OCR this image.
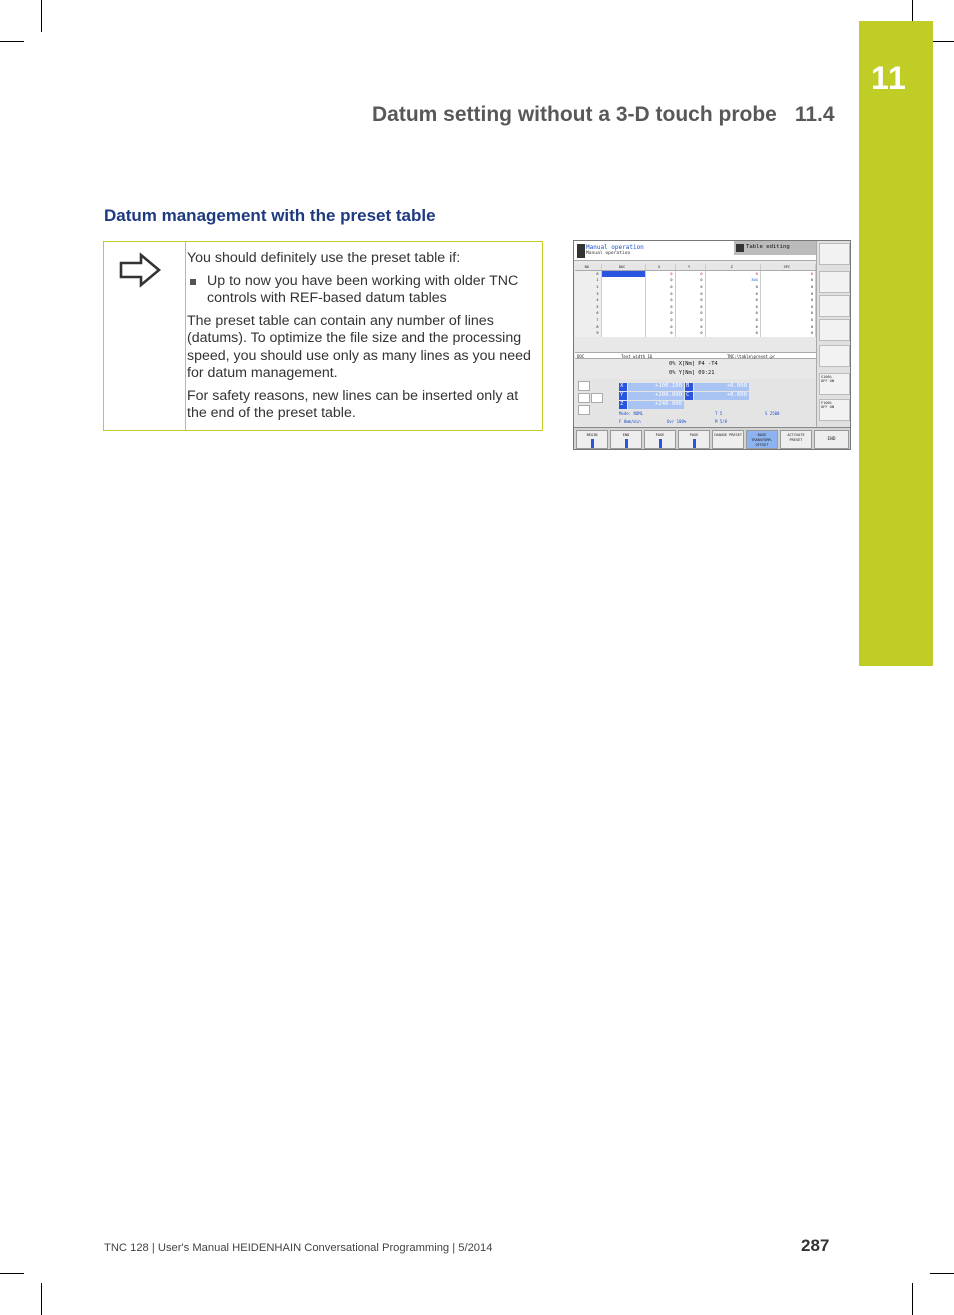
11
Datum setting without a 3-D touch probe 11.4
Datum management with the preset table

You should definitely use the preset table if:

Up to now you have been working with older TNC controls with REF-based datum tables

The preset table can contain any number of lines (datums). To optimize the file size and the processing speed, you should use only as many lines as you need for datum management.

For safety reasons, new lines can be inserted only at the end of the preset table.

Manual operation
Manual operation
Table editing
NO	DOC	X	Y	Z	SPC
0		0	0	0	0
1		0	0	304	0
2		0	0	0	0
3		0	0	0	0
4		0	0	0	0
5		0	0	0	0
6		0	0	0	0
7		0	0	0	0
8		0	0	0	0
9		0	0	0	0
DOC	Text width 16	TNC:\table\preset.pr
0% X[Nm] P4 -T4
0% Y[Nm] 09:21
X	+100.100
Y	+200.000
Z	+240.000
B	+0.000
C	+0.000
Mode: NOML
F 0mm/min	Ovr 100%
T 5	S 2500
M 5/8
S100%
OFF ON
F100%
OFF ON
BEGIN	END	PAGE	PAGE	CHANGE PRESET	BASE TRANSFORM. OFFSET
ACTIVATE PRESET	END
TNC 128 | User's Manual HEIDENHAIN Conversational Programming | 5/2014	287
